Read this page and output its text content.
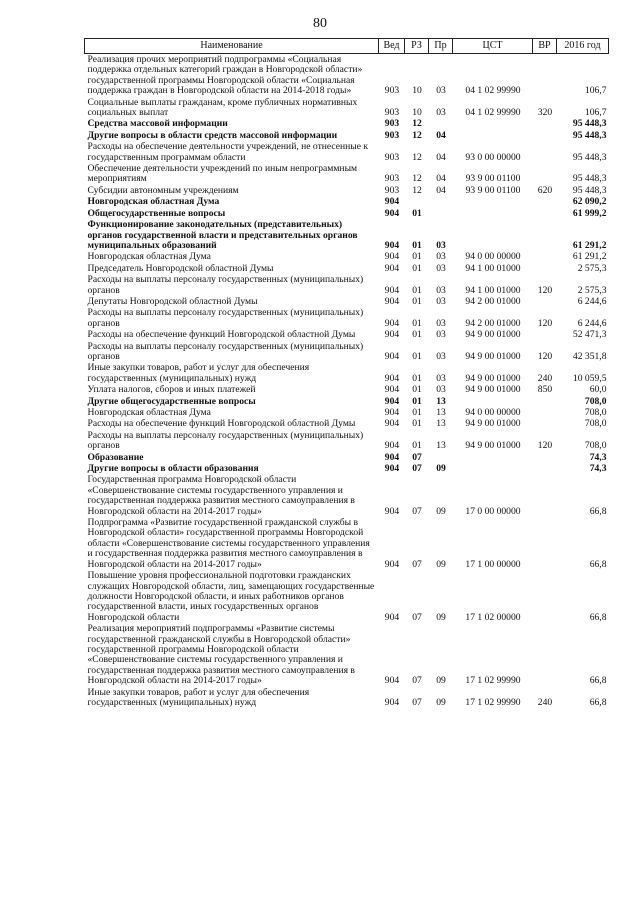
80
Наименование	Вед	РЗ	Пр	ЦСТ	ВР	2016 год
Реализация прочих мероприятий подпрограммы «Социальная поддержка отдельных категорий граждан в Новгородской области» государственной программы Новгородской области «Социальная поддержка граждан в Новгородской области на 2014-2018 годы»	903	10	03	04 1 02 99990		106,7
Социальные выплаты гражданам, кроме публичных нормативных социальных выплат	903	10	03	04 1 02 99990	320	106,7
Средства массовой информации	903	12				95 448,3
Другие вопросы в области средств массовой информации	903	12	04			95 448,3
Расходы на обеспечение деятельности учреждений, не отнесенные к государственным программам области	903	12	04	93 0 00 00000		95 448,3
Обеспечение деятельности учреждений по иным непрограммным мероприятиям	903	12	04	93 9 00 01100		95 448,3
Субсидии автономным учреждениям	903	12	04	93 9 00 01100	620	95 448,3
Новгородская областная Дума	904					62 090,2
Общегосударственные вопросы	904	01				61 999,2
Функционирование законодательных (представительных) органов государственной власти и представительных органов муниципальных образований	904	01	03			61 291,2
Новгородская областная Дума	904	01	03	94 0 00 00000		61 291,2
Председатель Новгородской областной Думы	904	01	03	94 1 00 01000		2 575,3
Расходы на выплаты персоналу государственных (муниципальных) органов	904	01	03	94 1 00 01000	120	2 575,3
Депутаты Новгородской областной Думы	904	01	03	94 2 00 01000		6 244,6
Расходы на выплаты персоналу государственных (муниципальных) органов	904	01	03	94 2 00 01000	120	6 244,6
Расходы на обеспечение функций Новгородской областной Думы	904	01	03	94 9 00 01000		52 471,3
Расходы на выплаты персоналу государственных (муниципальных) органов	904	01	03	94 9 00 01000	120	42 351,8
Иные закупки товаров, работ и услуг для обеспечения государственных (муниципальных) нужд	904	01	03	94 9 00 01000	240	10 059,5
Уплата налогов, сборов и иных платежей	904	01	03	94 9 00 01000	850	60,0
Другие общегосударственные вопросы	904	01	13			708,0
Новгородская областная Дума	904	01	13	94 0 00 00000		708,0
Расходы на обеспечение функций Новгородской областной Думы	904	01	13	94 9 00 01000		708,0
Расходы на выплаты персоналу государственных (муниципальных) органов	904	01	13	94 9 00 01000	120	708,0
Образование	904	07				74,3
Другие вопросы в области образования	904	07	09			74,3
Государственная программа Новгородской области «Совершенствование системы государственного управления и государственная поддержка развития местного самоуправления в Новгородской области на 2014-2017 годы»	904	07	09	17 0 00 00000		66,8
Подпрограмма «Развитие государственной гражданской службы в Новгородской области» государственной программы Новгородской области «Совершенствование системы государственного управления и государственная поддержка развития местного самоуправления в Новгородской области на 2014-2017 годы»	904	07	09	17 1 00 00000		66,8
Повышение уровня профессиональной подготовки гражданских служащих Новгородской области, лиц, замещающих государственные должности Новгородской области, и иных работников органов государственной власти, иных государственных органов Новгородской области	904	07	09	17 1 02 00000		66,8
Реализация мероприятий подпрограммы «Развитие системы государственной гражданской службы в Новгородской области» государственной программы Новгородской области «Совершенствование системы государственного управления и государственная поддержка развития местного самоуправления в Новгородской области на 2014-2017 годы»	904	07	09	17 1 02 99990		66,8
Иные закупки товаров, работ и услуг для обеспечения государственных (муниципальных) нужд	904	07	09	17 1 02 99990	240	66,8
